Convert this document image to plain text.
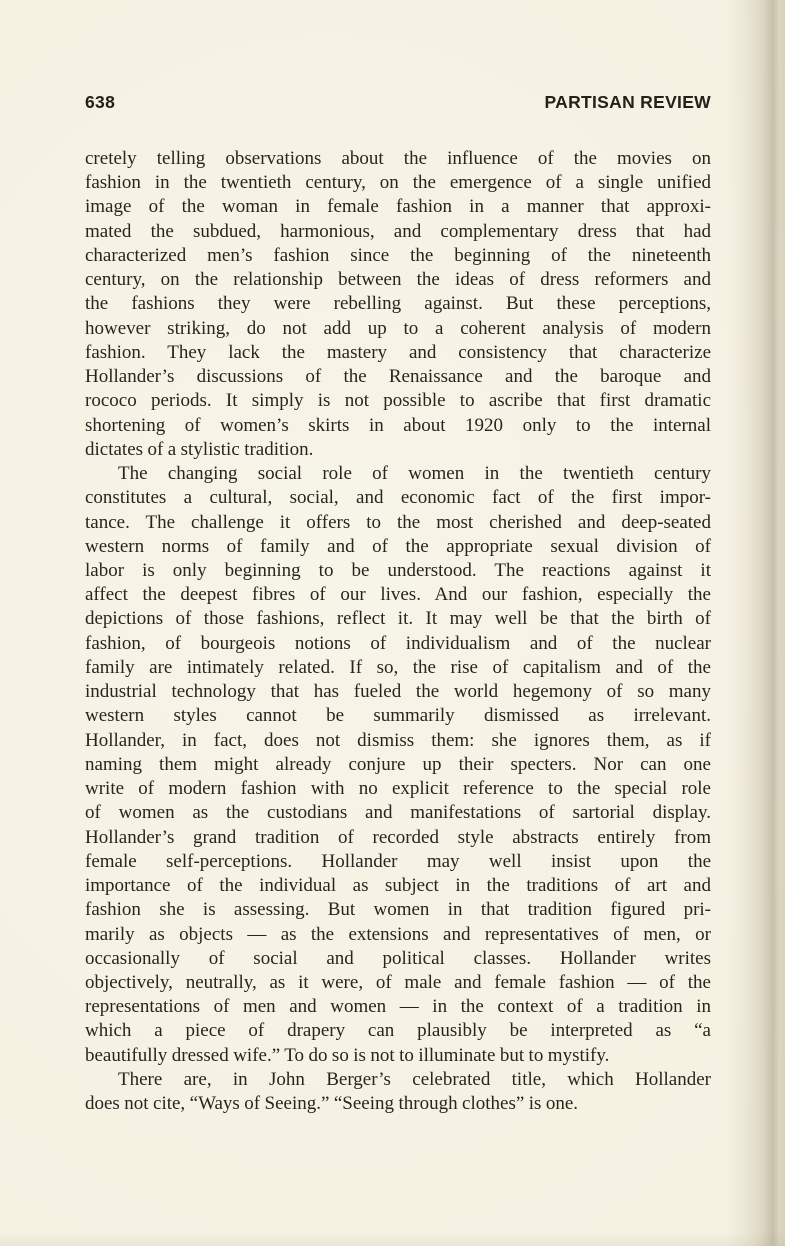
638	PARTISAN REVIEW
cretely telling observations about the influence of the movies on
fashion in the twentieth century, on the emergence of a single unified
image of the woman in female fashion in a manner that approxi-
mated the subdued, harmonious, and complementary dress that had
characterized men’s fashion since the beginning of the nineteenth
century, on the relationship between the ideas of dress reformers and
the fashions they were rebelling against. But these perceptions,
however striking, do not add up to a coherent analysis of modern
fashion. They lack the mastery and consistency that characterize
Hollander’s discussions of the Renaissance and the baroque and
rococo periods. It simply is not possible to ascribe that first dramatic
shortening of women’s skirts in about 1920 only to the internal
dictates of a stylistic tradition.
The changing social role of women in the twentieth century
constitutes a cultural, social, and economic fact of the first impor-
tance. The challenge it offers to the most cherished and deep-seated
western norms of family and of the appropriate sexual division of
labor is only beginning to be understood. The reactions against it
affect the deepest fibres of our lives. And our fashion, especially the
depictions of those fashions, reflect it. It may well be that the birth of
fashion, of bourgeois notions of individualism and of the nuclear
family are intimately related. If so, the rise of capitalism and of the
industrial technology that has fueled the world hegemony of so many
western styles cannot be summarily dismissed as irrelevant.
Hollander, in fact, does not dismiss them: she ignores them, as if
naming them might already conjure up their specters. Nor can one
write of modern fashion with no explicit reference to the special role
of women as the custodians and manifestations of sartorial display.
Hollander’s grand tradition of recorded style abstracts entirely from
female self-perceptions. Hollander may well insist upon the
importance of the individual as subject in the traditions of art and
fashion she is assessing. But women in that tradition figured pri-
marily as objects — as the extensions and representatives of men, or
occasionally of social and political classes. Hollander writes
objectively, neutrally, as it were, of male and female fashion — of the
representations of men and women — in the context of a tradition in
which a piece of drapery can plausibly be interpreted as “a
beautifully dressed wife.” To do so is not to illuminate but to mystify.
There are, in John Berger’s celebrated title, which Hollander
does not cite, “Ways of Seeing.” “Seeing through clothes” is one.
